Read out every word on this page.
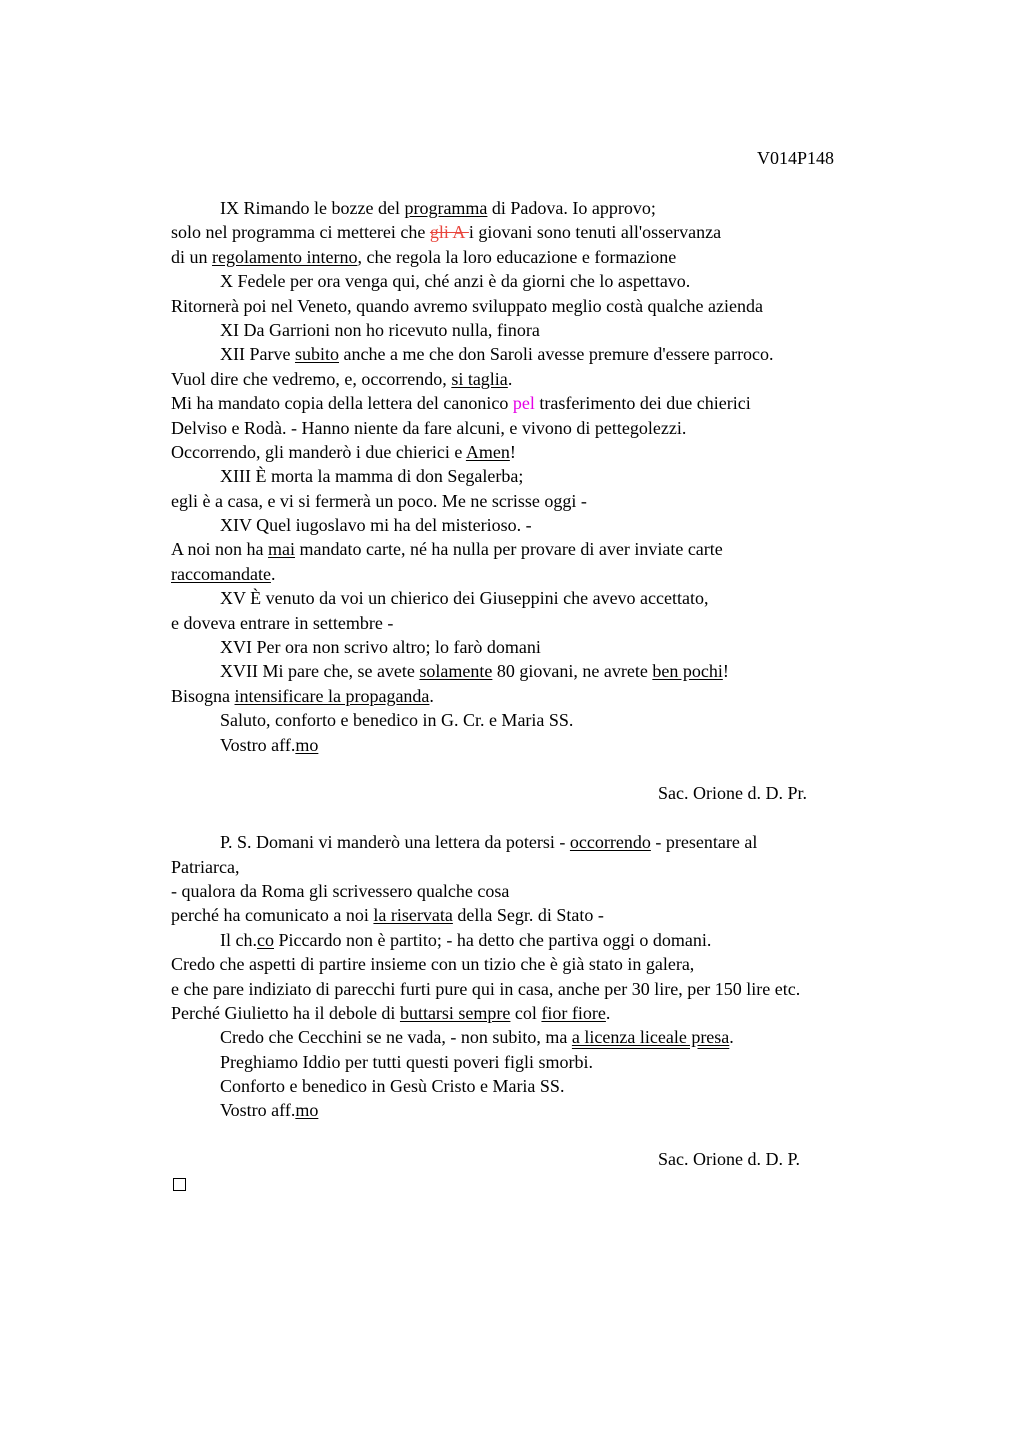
V014P148
IX Rimando le bozze del programma di Padova. Io approvo;
solo nel programma ci metterei che gli A i giovani sono tenuti all'osservanza
di un regolamento interno, che regola la loro educazione e formazione
X Fedele per ora venga qui, ché anzi è da giorni che lo aspettavo.
Ritornerà poi nel Veneto, quando avremo sviluppato meglio costà qualche azienda
XI Da Garrioni non ho ricevuto nulla, finora
XII Parve subito anche a me che don Saroli avesse premure d'essere parroco.
Vuol dire che vedremo, e, occorrendo, si taglia.
Mi ha mandato copia della lettera del canonico pel trasferimento dei due chierici
Delviso e Rodà. - Hanno niente da fare alcuni, e vivono di pettegolezzi.
Occorrendo, gli manderò i due chierici e Amen!
XIII È morta la mamma di don Segalerba;
egli è a casa, e vi si fermerà un poco. Me ne scrisse oggi -
XIV Quel iugoslavo mi ha del misterioso. -
A noi non ha mai mandato carte, né ha nulla per provare di aver inviate carte
raccomandate.
XV È venuto da voi un chierico dei Giuseppini che avevo accettato,
e doveva entrare in settembre -
XVI Per ora non scrivo altro; lo farò domani
XVII Mi pare che, se avete solamente 80 giovani, ne avrete ben pochi!
Bisogna intensificare la propaganda.
Saluto, conforto e benedico in G. Cr. e Maria SS.
Vostro aff.mo
Sac. Orione d. D. Pr.
P. S. Domani vi manderò una lettera da potersi - occorrendo - presentare al
Patriarca,
- qualora da Roma gli scrivessero qualche cosa
perché ha comunicato a noi la riservata della Segr. di Stato -
Il ch.co Piccardo non è partito; - ha detto che partiva oggi o domani.
Credo che aspetti di partire insieme con un tizio che è già stato in galera,
e che pare indiziato di parecchi furti pure qui in casa, anche per 30 lire, per 150 lire etc.
Perché Giulietto ha il debole di buttarsi sempre col fior fiore.
Credo che Cecchini se ne vada, - non subito, ma a licenza liceale presa.
Preghiamo Iddio per tutti questi poveri figli smorbi.
Conforto e benedico in Gesù Cristo e Maria SS.
Vostro aff.mo
Sac. Orione d. D. P.
